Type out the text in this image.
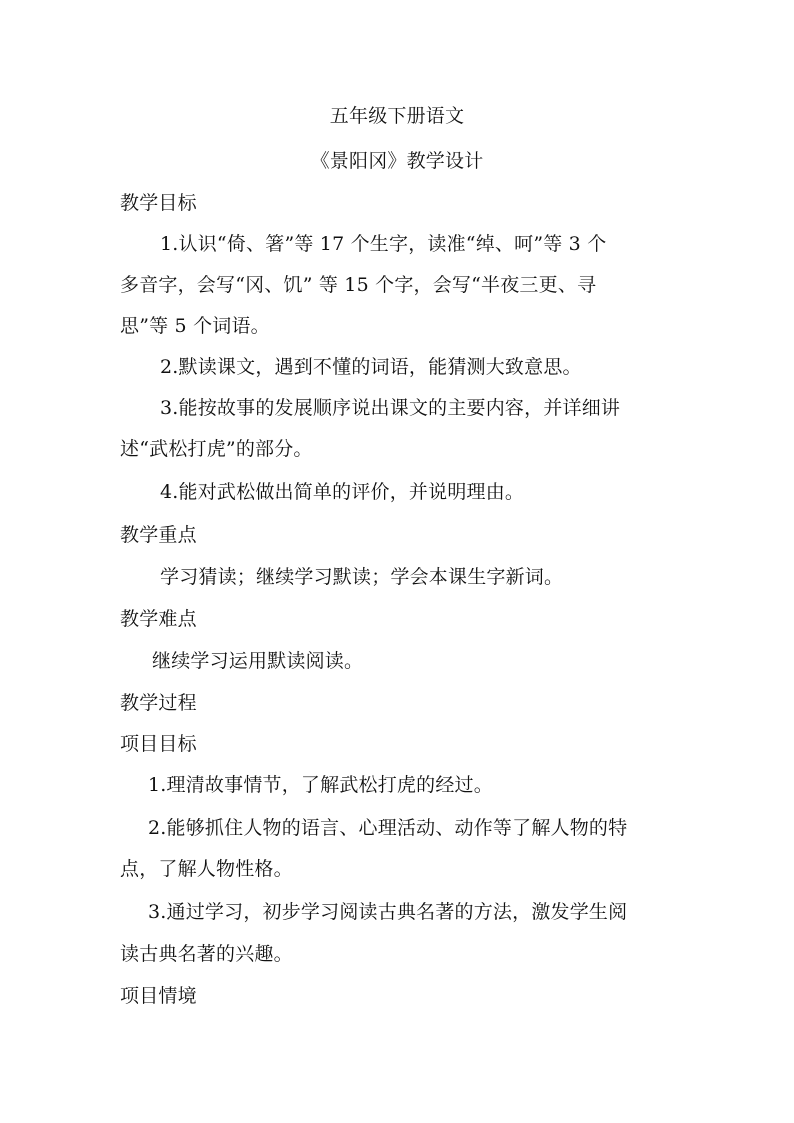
五年级下册语文
《景阳冈》教学设计
教学目标
1.认识“倚、箸”等 17 个生字，读准“绰、呵”等 3 个
多音字，会写“冈、饥” 等 15 个字，会写“半夜三更、寻
思”等 5 个词语。
2.默读课文，遇到不懂的词语，能猜测大致意思。
3.能按故事的发展顺序说出课文的主要内容，并详细讲
述“武松打虎”的部分。
4.能对武松做出简单的评价，并说明理由。
教学重点
学习猜读；继续学习默读；学会本课生字新词。
教学难点
继续学习运用默读阅读。
教学过程
项目目标
1.理清故事情节，了解武松打虎的经过。
2.能够抓住人物的语言、心理活动、动作等了解人物的特
点，了解人物性格。
3.通过学习，初步学习阅读古典名著的方法，激发学生阅
读古典名著的兴趣。
项目情境
